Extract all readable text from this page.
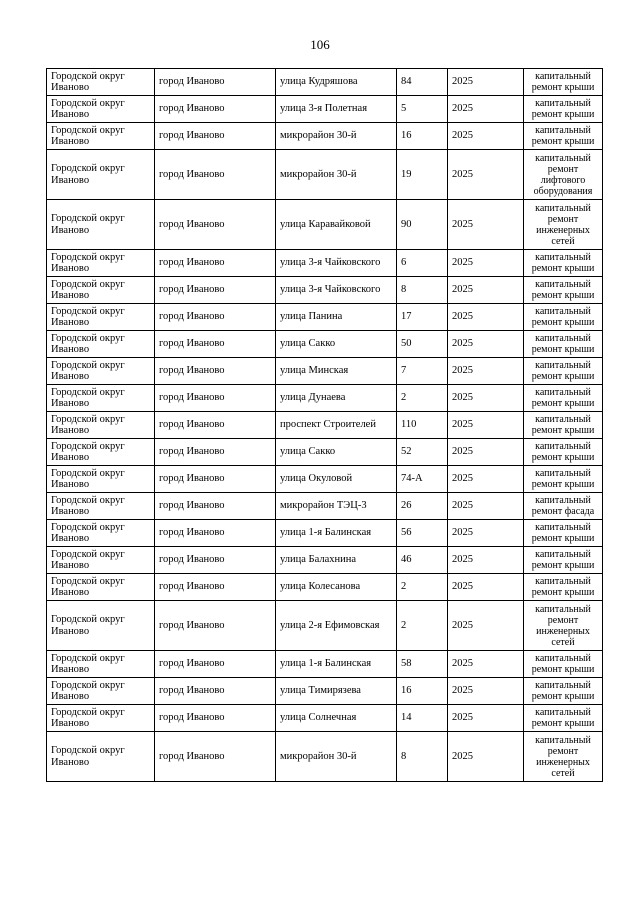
106
Городской округ Иваново	город Иваново	улица Кудряшова	84	2025	капитальный ремонт крыши
Городской округ Иваново	город Иваново	улица 3-я Полетная	5	2025	капитальный ремонт крыши
Городской округ Иваново	город Иваново	микрорайон 30-й	16	2025	капитальный ремонт крыши
Городской округ Иваново	город Иваново	микрорайон 30-й	19	2025	капитальный ремонт лифтового оборудования
Городской округ Иваново	город Иваново	улица Каравайковой	90	2025	капитальный ремонт инженерных сетей
Городской округ Иваново	город Иваново	улица 3-я Чайковского	6	2025	капитальный ремонт крыши
Городской округ Иваново	город Иваново	улица 3-я Чайковского	8	2025	капитальный ремонт крыши
Городской округ Иваново	город Иваново	улица Панина	17	2025	капитальный ремонт крыши
Городской округ Иваново	город Иваново	улица Сакко	50	2025	капитальный ремонт крыши
Городской округ Иваново	город Иваново	улица Минская	7	2025	капитальный ремонт крыши
Городской округ Иваново	город Иваново	улица Дунаева	2	2025	капитальный ремонт крыши
Городской округ Иваново	город Иваново	проспект Строителей	110	2025	капитальный ремонт крыши
Городской округ Иваново	город Иваново	улица Сакко	52	2025	капитальный ремонт крыши
Городской округ Иваново	город Иваново	улица Окуловой	74-А	2025	капитальный ремонт крыши
Городской округ Иваново	город Иваново	микрорайон ТЭЦ-3	26	2025	капитальный ремонт фасада
Городской округ Иваново	город Иваново	улица 1-я Балинская	56	2025	капитальный ремонт крыши
Городской округ Иваново	город Иваново	улица Балахнина	46	2025	капитальный ремонт крыши
Городской округ Иваново	город Иваново	улица Колесанова	2	2025	капитальный ремонт крыши
Городской округ Иваново	город Иваново	улица 2-я Ефимовская	2	2025	капитальный ремонт инженерных сетей
Городской округ Иваново	город Иваново	улица 1-я Балинская	58	2025	капитальный ремонт крыши
Городской округ Иваново	город Иваново	улица Тимирязева	16	2025	капитальный ремонт крыши
Городской округ Иваново	город Иваново	улица Солнечная	14	2025	капитальный ремонт крыши
Городской округ Иваново	город Иваново	микрорайон 30-й	8	2025	капитальный ремонт инженерных сетей
